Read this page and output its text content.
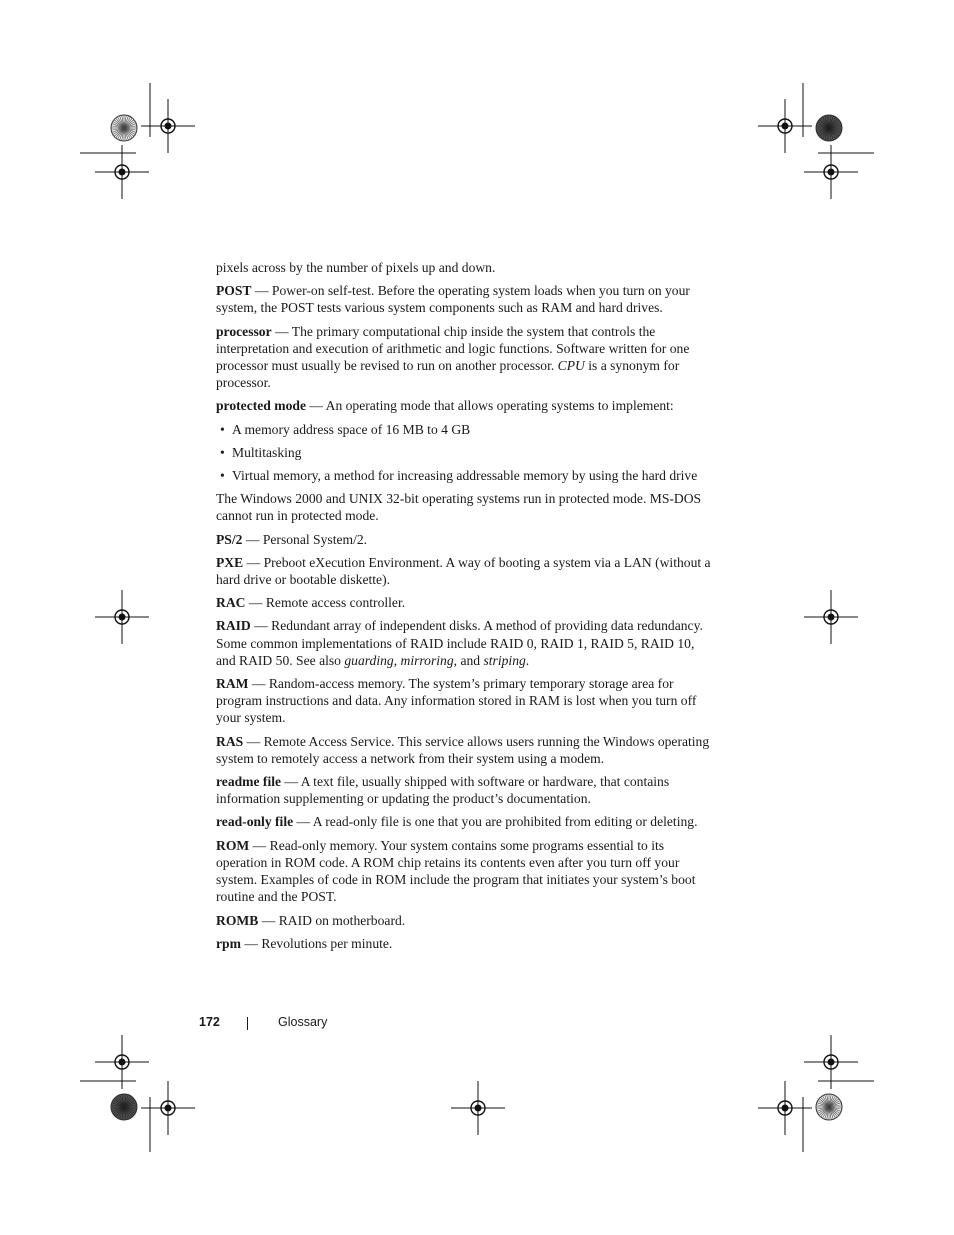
pixels across by the number of pixels up and down.

POST — Power-on self-test. Before the operating system loads when you turn on your system, the POST tests various system components such as RAM and hard drives.

processor — The primary computational chip inside the system that controls the interpretation and execution of arithmetic and logic functions. Software written for one processor must usually be revised to run on another processor. CPU is a synonym for processor.

protected mode — An operating mode that allows operating systems to implement:

• A memory address space of 16 MB to 4 GB
• Multitasking
• Virtual memory, a method for increasing addressable memory by using the hard drive

The Windows 2000 and UNIX 32-bit operating systems run in protected mode. MS-DOS cannot run in protected mode.

PS/2 — Personal System/2.

PXE — Preboot eXecution Environment. A way of booting a system via a LAN (without a hard drive or bootable diskette).

RAC — Remote access controller.

RAID — Redundant array of independent disks. A method of providing data redundancy. Some common implementations of RAID include RAID 0, RAID 1, RAID 5, RAID 10, and RAID 50. See also guarding, mirroring, and striping.

RAM — Random-access memory. The system’s primary temporary storage area for program instructions and data. Any information stored in RAM is lost when you turn off your system.

RAS — Remote Access Service. This service allows users running the Windows operating system to remotely access a network from their system using a modem.

readme file — A text file, usually shipped with software or hardware, that contains information supplementing or updating the product’s documentation.

read-only file — A read-only file is one that you are prohibited from editing or deleting.

ROM — Read-only memory. Your system contains some programs essential to its operation in ROM code. A ROM chip retains its contents even after you turn off your system. Examples of code in ROM include the program that initiates your system’s boot routine and the POST.

ROMB — RAID on motherboard.

rpm — Revolutions per minute.

172	Glossary
